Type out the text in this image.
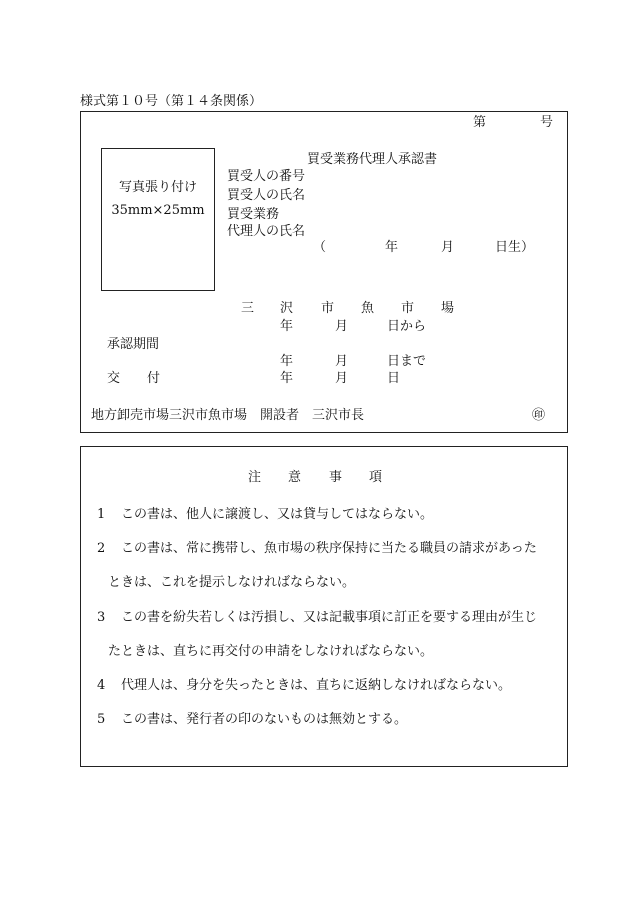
様式第１０号（第１４条関係）
第	号
買受業務代理人承認書
写真張り付け
35mm×25mm
買受人の番号
買受人の氏名
買受業務
代理人の氏名
（	年	月	日生）
三 沢 市 魚 市 場
年	月	日から
承認期間
年	月	日まで
交 付	年	月	日
地方卸売市場三沢市魚市場　開設者　三沢市長	㊞
注 意 事 項
1 この書は、他人に譲渡し、又は貸与してはならない。
2 この書は、常に携帯し、魚市場の秩序保持に当たる職員の請求があった
ときは、これを提示しなければならない。
3 この書を紛失若しくは汚損し、又は記載事項に訂正を要する理由が生じ
たときは、直ちに再交付の申請をしなければならない。
4 代理人は、身分を失ったときは、直ちに返納しなければならない。
5 この書は、発行者の印のないものは無効とする。
